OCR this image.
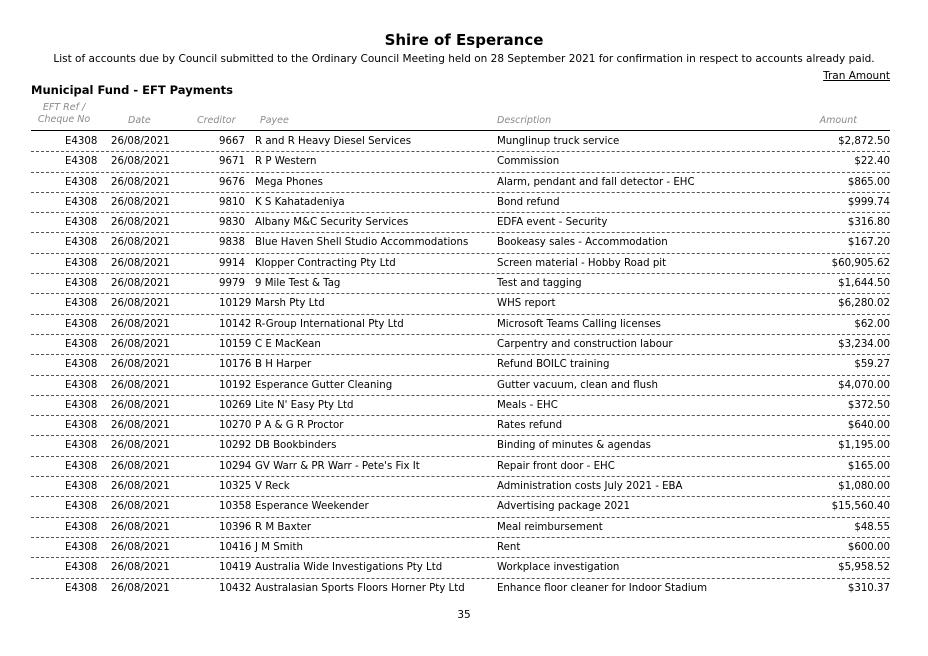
Shire of Esperance

List of accounts due by Council submitted to the Ordinary Council Meeting held on 28 September 2021 for confirmation in respect to accounts already paid.

Tran Amount

Municipal Fund - EFT Payments
EFT Ref /
Cheque No	Date	Creditor	Payee	Description	Amount
E4308 26/08/2021	9667 R and R Heavy Diesel Services	Munglinup truck service	$2,872.50
E4308 26/08/2021	9671 R P Western	Commission	$22.40
E4308 26/08/2021	9676 Mega Phones	Alarm, pendant and fall detector - EHC	$865.00
E4308 26/08/2021	9810 K S Kahatadeniya	Bond refund	$999.74
E4308 26/08/2021	9830 Albany M&C Security Services	EDFA event - Security	$316.80
E4308 26/08/2021	9838 Blue Haven Shell Studio Accommodations	Bookeasy sales - Accommodation	$167.20
E4308 26/08/2021	9914 Klopper Contracting Pty Ltd	Screen material - Hobby Road pit	$60,905.62
E4308 26/08/2021	9979 9 Mile Test & Tag	Test and tagging	$1,644.50
E4308 26/08/2021	10129 Marsh Pty Ltd	WHS report	$6,280.02
E4308 26/08/2021	10142 R-Group International Pty Ltd	Microsoft Teams Calling licenses	$62.00
E4308 26/08/2021	10159 C E MacKean	Carpentry and construction labour	$3,234.00
E4308 26/08/2021	10176 B H Harper	Refund BOILC training	$59.27
E4308 26/08/2021	10192 Esperance Gutter Cleaning	Gutter vacuum, clean and flush	$4,070.00
E4308 26/08/2021	10269 Lite N' Easy Pty Ltd	Meals - EHC	$372.50
E4308 26/08/2021	10270 P A & G R Proctor	Rates refund	$640.00
E4308 26/08/2021	10292 DB Bookbinders	Binding of minutes & agendas	$1,195.00
E4308 26/08/2021	10294 GV Warr & PR Warr - Pete's Fix It	Repair front door - EHC	$165.00
E4308 26/08/2021	10325 V Reck	Administration costs July 2021 - EBA	$1,080.00
E4308 26/08/2021	10358 Esperance Weekender	Advertising package 2021	$15,560.40
E4308 26/08/2021	10396 R M Baxter	Meal reimbursement	$48.55
E4308 26/08/2021	10416 J M Smith	Rent	$600.00
E4308 26/08/2021	10419 Australia Wide Investigations Pty Ltd	Workplace investigation	$5,958.52
E4308 26/08/2021	10432 Australasian Sports Floors Horner Pty Ltd	Enhance floor cleaner for Indoor Stadium	$310.37

35
